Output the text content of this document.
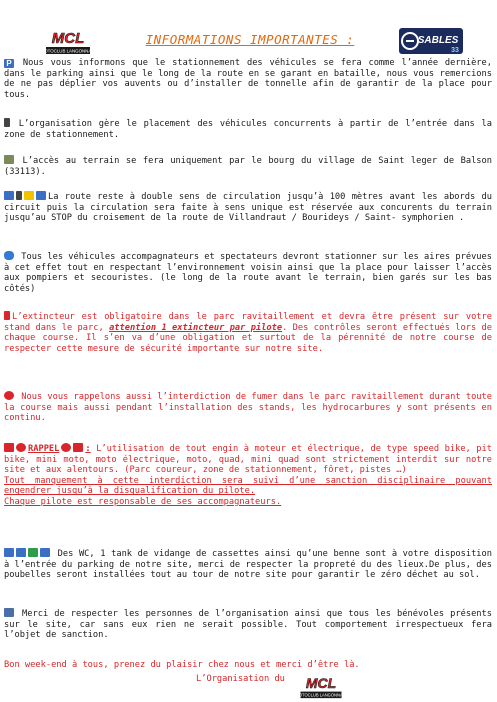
MCL
MOTOCLUB LANGONNAIS
INFORMATIONS IMPORTANTES :	SABLES
33

P Nous vous informons que le stationnement des véhicules se fera comme l’année dernière, dans le parking ainsi que le long de la route en se garant en bataille, nous vous remercions de ne pas déplier vos auvents ou d’installer de tonnelle afin de garantir de la place pour tous.

L’organisation gère le placement des véhicules concurrents à partir de l’entrée dans la zone de stationnement.

L’accès au terrain se fera uniquement par le bourg du village de Saint leger de Balson (33113).

La route reste à double sens de circulation jusqu’à 100 mètres avant les abords du circuit puis la circulation sera faite à sens unique est réservée aux concurents du terrain jusqu’au STOP du croisement de la route de Villandraut / Bourideys / Saint- symphorien .

Tous les véhicules accompagnateurs et spectateurs devront stationner sur les aires prévues à cet effet tout en respectant l’environnement voisin ainsi que la place pour laisser l’accès aux pompiers et secouristes. (le long de la route avant le terrain, bien garés sur les bas côtés)

L’extincteur est obligatoire dans le parc ravitaillement et devra être présent sur votre stand dans le parc, attention 1 extincteur par pilote. Des contrôles seront effectués lors de chaque course. Il s’en va d’une obligation et surtout de la pérennité de notre course de respecter cette mesure de sécurité importante sur notre site.

Nous vous rappelons aussi l’interdiction de fumer dans le parc ravitaillement durant toute la course mais aussi pendant l’installation des stands, les hydrocarbures y sont présents en continu.

RAPPEL	: L’utilisation de tout engin à moteur et électrique, de type speed bike, pit bike, mini moto, moto électrique, moto, quad, mini quad sont strictement interdit sur notre site et aux alentours. (Parc coureur, zone de stationnement, fôret, pistes …)
Tout manquement à cette interdiction sera suivi d’une sanction disciplinaire pouvant engendrer jusqu’à la disqualification du pilote.
Chaque pilote est responsable de ses accompagnateurs.

Des WC, 1 tank de vidange de cassettes ainsi qu’une benne sont à votre disposition à l’entrée du parking de notre site, merci de respecter la propreté du des lieux.De plus, des poubelles seront installées tout au tour de notre site pour garantir le zéro déchet au sol.

Merci de respecter les personnes de l’organisation ainsi que tous les bénévoles présents sur le site, car sans eux rien ne serait possible. Tout comportement irrespectueux fera l’objet de sanction.

Bon week-end à tous, prenez du plaisir chez nous et merci d’être là.
L’Organisation du MCL
MOTOCLUB LANGONNAIS
